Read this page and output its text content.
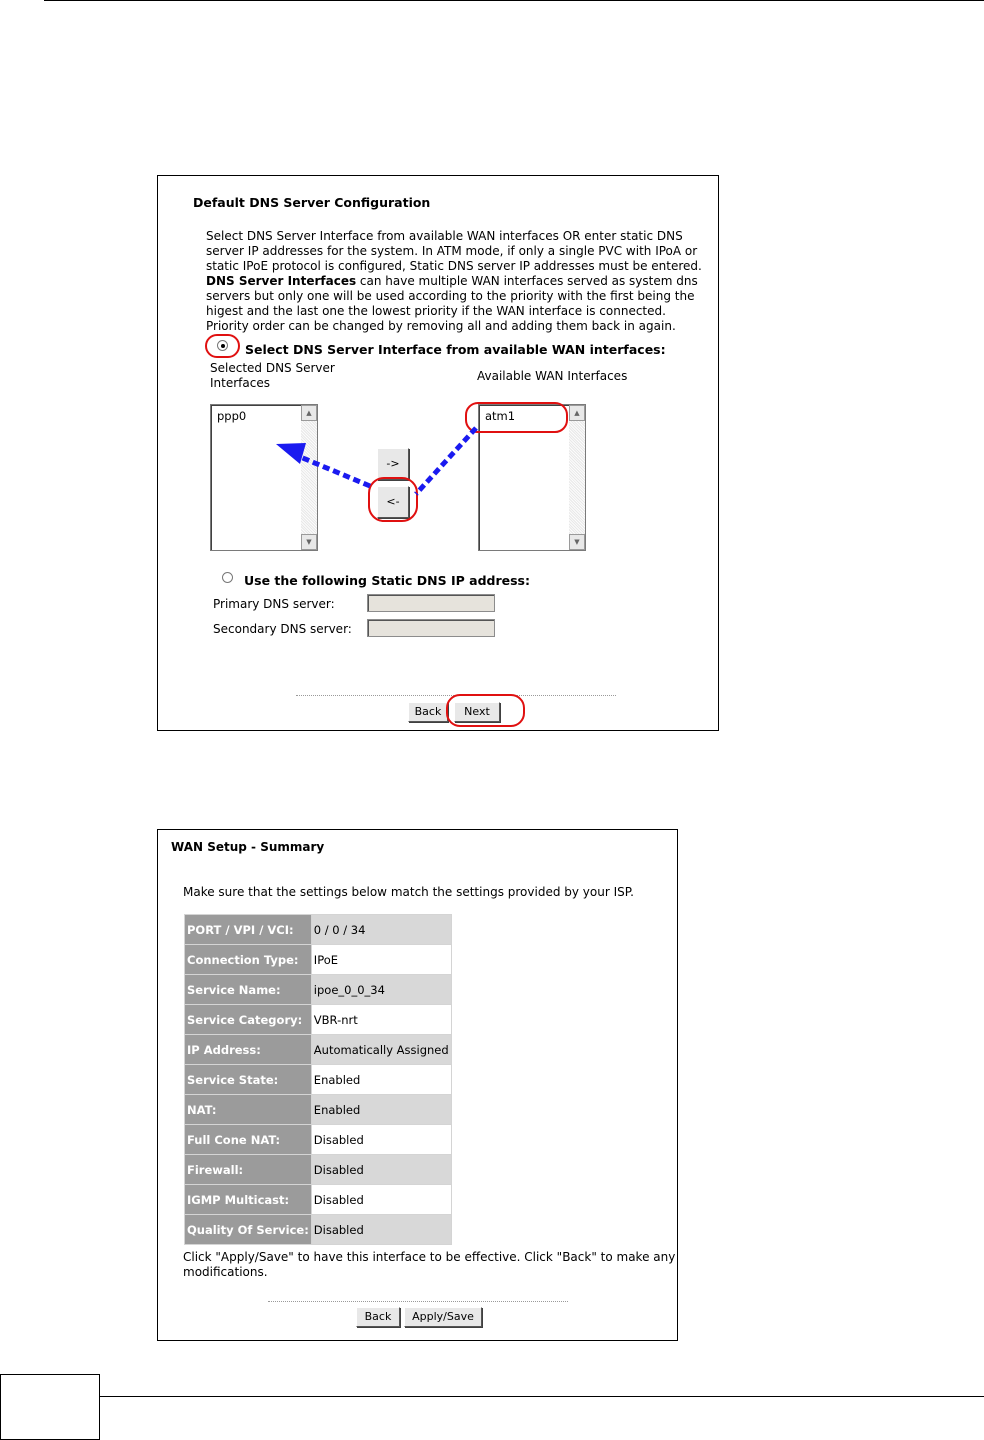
Default DNS Server Configuration
Select DNS Server Interface from available WAN interfaces OR enter static DNS
server IP addresses for the system. In ATM mode, if only a single PVC with IPoA or
static IPoE protocol is configured, Static DNS server IP addresses must be entered.
DNS Server Interfaces can have multiple WAN interfaces served as system dns
servers but only one will be used according to the priority with the first being the
higest and the last one the lowest priority if the WAN interface is connected.
Priority order can be changed by removing all and adding them back in again.
Select DNS Server Interface from available WAN interfaces:
Selected DNS Server
Interfaces	Available WAN Interfaces
ppp0	▲
▼
atm1	▲
▼
->
<-
Use the following Static DNS IP address:
Primary DNS server:
Secondary DNS server:
Back	Next
WAN Setup - Summary
Make sure that the settings below match the settings provided by your ISP.
PORT / VPI / VCI:	0 / 0 / 34
Connection Type:	IPoE
Service Name:	ipoe_0_0_34
Service Category:	VBR-nrt
IP Address:	Automatically Assigned
Service State:	Enabled
NAT:	Enabled
Full Cone NAT:	Disabled
Firewall:	Disabled
IGMP Multicast:	Disabled
Quality Of Service:	Disabled
Click "Apply/Save" to have this interface to be effective. Click "Back" to make any
modifications.
Back	Apply/Save
